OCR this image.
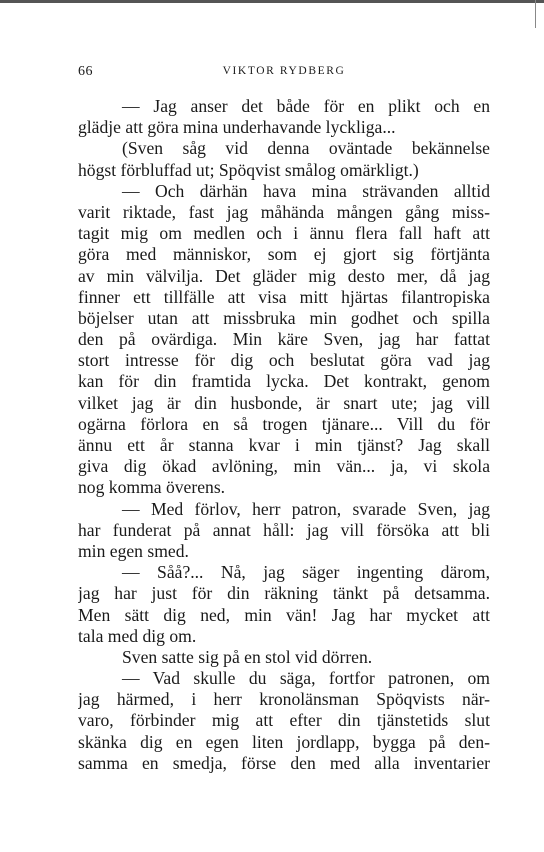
66	VIKTOR RYDBERG
— Jag anser det både för en plikt och en
glädje att göra mina underhavande lyckliga...
(Sven såg vid denna oväntade bekännelse
högst förbluffad ut; Spöqvist smålog omärkligt.)
— Och därhän hava mina strävanden alltid
varit riktade, fast jag måhända mången gång miss-
tagit mig om medlen och i ännu flera fall haft att
göra med människor, som ej gjort sig förtjänta
av min välvilja. Det gläder mig desto mer, då jag
finner ett tillfälle att visa mitt hjärtas filantropiska
böjelser utan att missbruka min godhet och spilla
den på ovärdiga. Min käre Sven, jag har fattat
stort intresse för dig och beslutat göra vad jag
kan för din framtida lycka. Det kontrakt, genom
vilket jag är din husbonde, är snart ute; jag vill
ogärna förlora en så trogen tjänare... Vill du för
ännu ett år stanna kvar i min tjänst? Jag skall
giva dig ökad avlöning, min vän... ja, vi skola
nog komma överens.
— Med förlov, herr patron, svarade Sven, jag
har funderat på annat håll: jag vill försöka att bli
min egen smed.
— Såå?... Nå, jag säger ingenting därom,
jag har just för din räkning tänkt på detsamma.
Men sätt dig ned, min vän! Jag har mycket att
tala med dig om.
Sven satte sig på en stol vid dörren.
— Vad skulle du säga, fortfor patronen, om
jag härmed, i herr kronolänsman Spöqvists när-
varo, förbinder mig att efter din tjänstetids slut
skänka dig en egen liten jordlapp, bygga på den-
samma en smedja, förse den med alla inventarier
